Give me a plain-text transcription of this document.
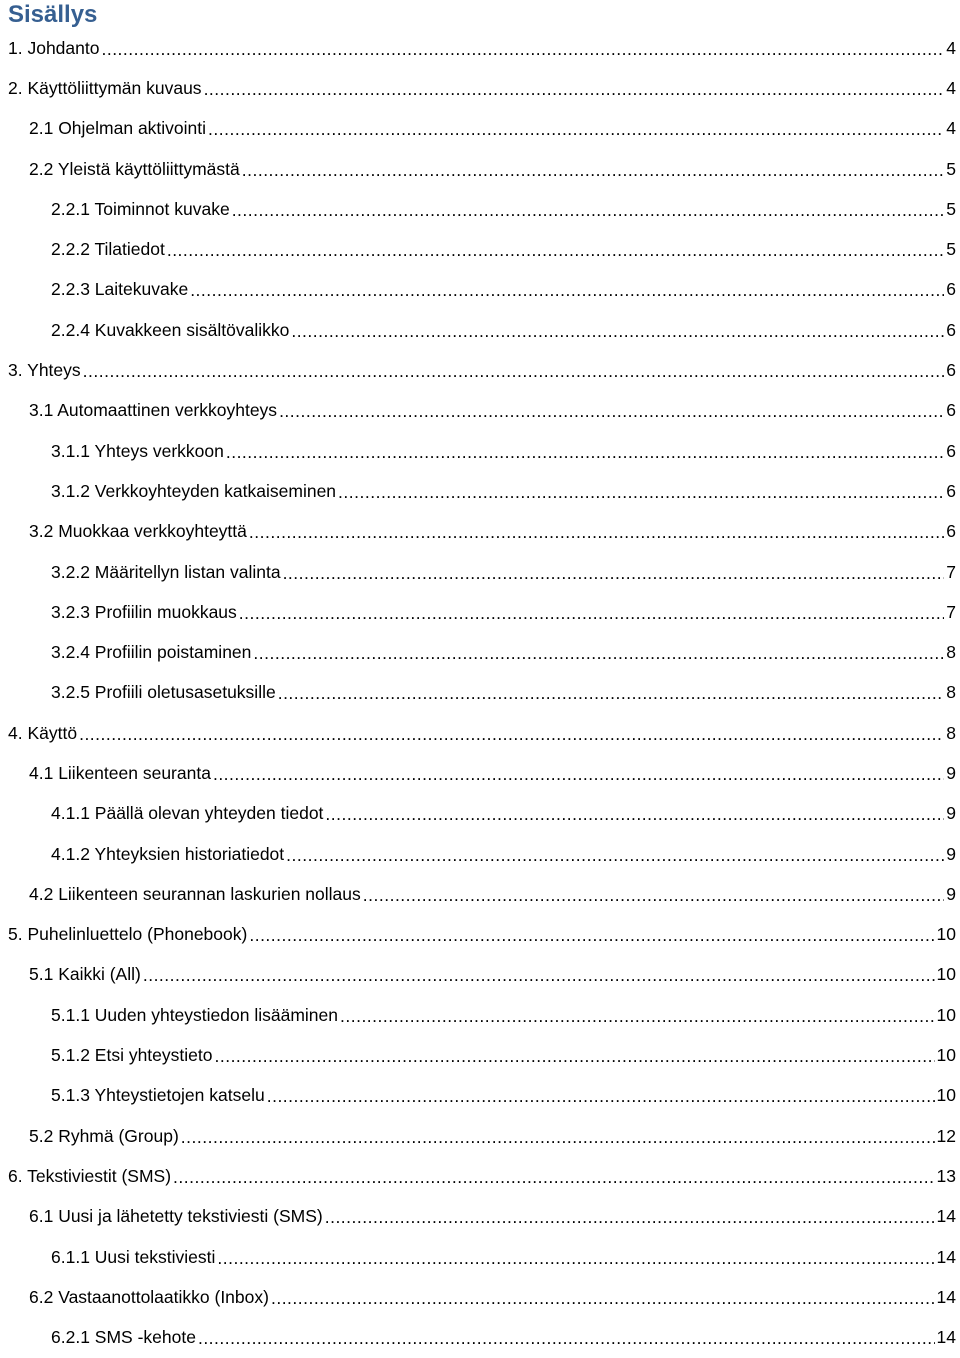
Sisällys
1. Johdanto .....	4
2. Käyttöliittymän kuvaus .....	4
2.1 Ohjelman aktivointi .....	4
2.2 Yleistä käyttöliittymästä .....	5
2.2.1 Toiminnot kuvake .....	5
2.2.2 Tilatiedot .....	5
2.2.3 Laitekuvake .....	6
2.2.4 Kuvakkeen sisältövalikko .....	6
3. Yhteys .....	6
3.1 Automaattinen verkkoyhteys .....	6
3.1.1 Yhteys verkkoon .....	6
3.1.2 Verkkoyhteyden katkaiseminen .....	6
3.2 Muokkaa verkkoyhteyttä .....	6
3.2.2 Määritellyn listan valinta .....	7
3.2.3 Profiilin muokkaus .....	7
3.2.4 Profiilin poistaminen .....	8
3.2.5 Profiili oletusasetuksille .....	8
4. Käyttö .....	8
4.1 Liikenteen seuranta .....	9
4.1.1 Päällä olevan yhteyden tiedot .....	9
4.1.2 Yhteyksien historiatiedot .....	9
4.2 Liikenteen seurannan laskurien nollaus .....	9
5. Puhelinluettelo (Phonebook) .....	10
5.1 Kaikki (All) .....	10
5.1.1 Uuden yhteystiedon lisääminen .....	10
5.1.2 Etsi yhteystieto .....	10
5.1.3 Yhteystietojen katselu .....	10
5.2 Ryhmä (Group) .....	12
6. Tekstiviestit (SMS) .....	13
6.1 Uusi ja lähetetty tekstiviesti (SMS) .....	14
6.1.1 Uusi tekstiviesti .....	14
6.2 Vastaanottolaatikko (Inbox) .....	14
6.2.1 SMS -kehote .....	14
